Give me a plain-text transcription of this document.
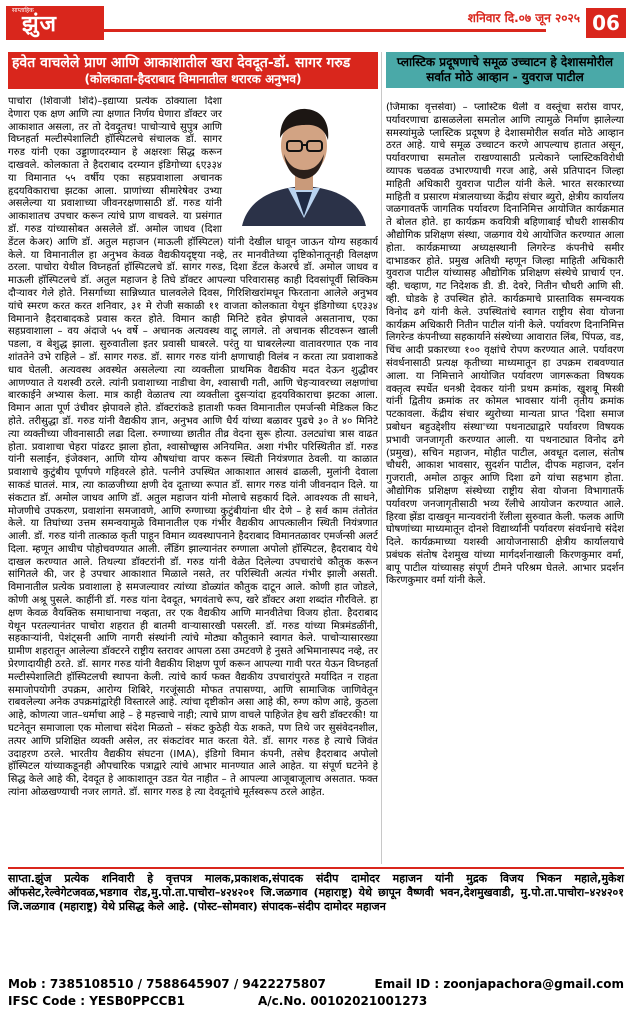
साप्ताहिक
झुंज	शनिवार दि.०७ जून २०२५ 06
हवेत वाचलेले प्राण आणि आकाशातील खरा देवदूत-डॉ. सागर गरुड
(कोलकाता-हैदराबाद विमानातील थरारक अनुभव)
पाचोरा (शिवाजी शिंदे)–इद्याप्या प्रत्येक ठोक्याला दिशा देणारा एक क्षण आणि त्या क्षणात निर्णय घेणारा डॉक्टर जर आकाशात असला, तर तो देवदूतच! पाचोऱ्याचे सुपुत्र आणि विघ्नहर्ता मल्टीस्पेशालिटी हॉस्पिटलचे संचालक डॉ. सागर गरुड यांनी एका उड्डाणादरम्यान हे अक्षरशः सिद्ध करून दाखवले. कोलकाता ते हैदराबाद दरम्यान इंडिगोच्या ६ए३३४ या विमानात ५५ वर्षीय एका सहप्रवाशाला अचानक हृदयविकाराचा झटका आला. प्राणांच्या सीमारेषेवर उभ्या असलेल्या या प्रवाशाच्या जीवनरक्षणासाठी डॉ. गरुड यांनी आकाशातच उपचार करून त्यांचे प्राण वाचवले. या प्रसंगात डॉ. गरुड यांच्यासोबत असलेले डॉ. अमोल जाधव (दिशा डेंटल केअर) आणि डॉ. अतुल महाजन (माऊली हॉस्पिटल) यांनी देखील धावून जाऊन योग्य सहकार्य केले. या विमानातील हा अनुभव केवळ वैद्यकीयदृष्ट्या नव्हे, तर मानवीतेच्या दृष्टिकोनातूनही विलक्षण ठरला. पाचोरा येथील विघ्नहर्ता हॉस्पिटलचे डॉ. सागर गरुड, दिशा डेंटल केअरचे डॉ. अमोल जाधव व माऊली हॉस्पिटलचे डॉ. अतुल महाजन हे तिघे डॉक्टर आपल्या परिवारासह काही दिवसांपूर्वी सिक्किम दौऱ्यावर गेले होते. निसर्गाच्या सान्निध्यात घालवलेले दिवस, गिरिशिखरांमधून फिरताना आलेले अनुभव यांचे स्मरण करत करत शनिवार, ३१ मे रोजी सकाळी ११ वाजता कोलकाता येथून इंडिगोच्या ६ए३३४ विमानाने हैदराबादकडे प्रवास करत होते. विमान काही मिनिटे हवेत झेपावले असतानाच, एका सहप्रवाशाला – वय अंदाजे ५५ वर्षे – अचानक अत्यवस्थ वाटू लागले. तो अचानक सीटवरून खाली पडला, व बेशुद्ध झाला. सुरुवातीला इतर प्रवासी घाबरले. परंतु या घाबरलेल्या वातावरणात एक नाव शांततेने उभे राहिले – डॉ. सागर गरुड. डॉ. सागर गरुड यांनी क्षणाचाही विलंब न करता त्या प्रवाशाकडे धाव घेतली. अत्यवस्थ अवस्थेत असलेल्या त्या व्यक्तीला प्राथमिक वैद्यकीय मदत देऊन शुद्धीवर आणण्यात ते यशस्वी ठरले. त्यांनी प्रवाशाच्या नाडीचा वेग, श्वासाची गती, आणि चेहऱ्यावरच्या लक्षणांचा बारकाईने अभ्यास केला. मात्र काही वेळातच त्या व्यक्तीला दुसऱ्यांदा हृदयविकाराचा झटका आला. विमान आता पूर्ण उंचीवर झेपावले होते. डॉक्टरांकडे हाताशी फक्त विमानातील एमर्जन्सी मेडिकल किट होते. तरीसुद्धा डॉ. गरुड यांनी वैद्यकीय ज्ञान, अनुभव आणि धैर्य यांच्या बळावर पुढचे ३० ते ४० मिनिटे त्या व्यक्तीच्या जीवनासाठी लढा दिला. रुग्णाच्या छातीत तीव्र वेदना सुरू होत्या. उलट्यांचा त्रास वाढत होता. प्रवाशाचा चेहरा पांढरट झाला होता, श्वासोच्छ्वास अनियमित. अशा गंभीर परिस्थितीत डॉ. गरुड यांनी सलाईन, इंजेक्शन, आणि योग्य औषधांचा वापर करून स्थिती नियंत्रणात ठेवली. या काळात प्रवाशाचे कुटुंबीय पूर्णपणे गहिवरले होते. पत्नीने उपस्थित आकाशात आसवं ढाळली, मुलांनी देवाला साकडं घातलं. मात्र, त्या काळजीच्या क्षणी देव दूताच्या रूपात डॉ. सागर गरुड यांनी जीवनदान दिले. या संकटात डॉ. अमोल जाधव आणि डॉ. अतुल महाजन यांनी मोलाचे सहकार्य दिले. आवश्यक ती साधने, मोजणीचे उपकरण, प्रवाशांना समजावणे, आणि रुग्णाच्या कुटुंबीयांना धीर देणे – हे सर्व काम तंतोतंत केले. या तिघांच्या उत्तम समन्वयामुळे विमानातील एक गंभीर वैद्यकीय आपत्कालीन स्थिती नियंत्रणात आली. डॉ. गरुड यांनी तात्काळ कृती पाहून विमान व्यवस्थापनाने हैदराबाद विमानतळावर एमर्जन्सी अलर्ट दिला. म्हणून आधीच पोहोचवण्यात आली. लँडिंग झाल्यानंतर रुग्णाला अपोलो हॉस्पिटल, हैदराबाद येथे दाखल करण्यात आले. तिथल्या डॉक्टरांनी डॉ. गरुड यांनी वेळेत दिलेल्या उपचारांचे कौतुक करून सांगितले की, जर हे उपचार आकाशात मिळाले नसते, तर परिस्थिती अत्यंत गंभीर झाली असती. विमानातील प्रत्येक प्रवाशाला हे समजल्यावर त्यांच्या डोळ्यांत कौतुक दाटून आले. कोणी हात जोडले, कोणी अश्रू पुसले. काहींनी डॉ. गरुड यांना देवदूत, भगवंताचे रूप, खरे डॉक्टर अशा शब्दांत गौरविले. हा क्षण केवळ वैयक्तिक समाधानाचा नव्हता, तर एक वैद्यकीय आणि मानवीतेचा विजय होता. हैदराबाद येथून परतल्यानंतर पाचोरा शहरात ही बातमी वाऱ्यासारखी पसरली. डॉ. गरुड यांच्या मित्रमंडळींनी, सहकाऱ्यांनी, पेशंट्सनी आणि नागरी संस्थांनी त्यांचे मोठ्या कौतुकाने स्वागत केले. पाचोऱ्यासारख्या ग्रामीण शहरातून आलेल्या डॉक्टरने राष्ट्रीय स्तरावर आपला ठसा उमटवणे हे नुसते अभिमानास्पद नव्हे, तर प्रेरणादायीही ठरते. डॉ. सागर गरुड यांनी वैद्यकीय शिक्षण पूर्ण करून आपल्या गावी परत येऊन विघ्नहर्ता मल्टीस्पेशालिटी हॉस्पिटलची स्थापना केली. त्यांचे कार्य फक्त वैद्यकीय उपचारांपुरते मर्यादित न राहता समाजोपयोगी उपक्रम, आरोग्य शिबिरे, गरजूंसाठी मोफत तपासण्या, आणि सामाजिक जाणिवेतून राबवलेल्या अनेक उपक्रमांद्वारेही विस्तारले आहे. त्यांचा दृष्टीकोन असा आहे की, रुग्ण कोण आहे, कुठला आहे, कोणत्या जात–धर्माचा आहे – हे महत्त्वाचे नाही; त्याचे प्राण वाचले पाहिजेत हेच खरी डॉक्टरकी! या घटनेतून समाजाला एक मोलाचा संदेश मिळतो – संकट कुठेही येऊ शकते, पण तिथे जर सुसंवेदनशील, तत्पर आणि प्रशिक्षित व्यक्ती असेल, तर संकटांवर मात करता येते. डॉ. सागर गरुड हे त्याचे जिवंत उदाहरण ठरले. भारतीय वैद्यकीय संघटना (IMA), इंडिगो विमान कंपनी, तसेच हैदराबाद अपोलो हॉस्पिटल यांच्याकडूनही औपचारिक पत्राद्वारे त्यांचे आभार मानण्यात आले आहेत. या संपूर्ण घटनेने हे सिद्ध केले आहे की, देवदूत हे आकाशातून उडत येत नाहीत – ते आपल्या आजूबाजूलाच असतात. फक्त त्यांना ओळखण्याची नजर लागते. डॉ. सागर गरुड हे त्या देवदूतांचे मूर्तस्वरूप ठरले आहेत.
प्लास्टिक प्रदूषणाचे समूळ उच्चाटन हे देशासमोरील सर्वात मोठे आव्हान - युवराज पाटील
(जिमाका वृत्तसेवा) – प्लास्टिक थैली व वस्तूंचा सर्रास वापर, पर्यावरणाचा ढासळलेला समतोल आणि त्यामुळे निर्माण झालेल्या समस्यांमुळे प्लास्टिक प्रदूषण हे देशासमोरील सर्वात मोठे आव्हान ठरत आहे. याचे समूळ उच्चाटन करणे आपल्याच हातात असून, पर्यावरणाचा समतोल राखण्यासाठी प्रत्येकाने प्लास्टिकविरोधी व्यापक चळवळ उभारण्याची गरज आहे, असे प्रतिपादन जिल्हा माहिती अधिकारी युवराज पाटील यांनी केले. भारत सरकारच्या माहिती व प्रसारण मंत्रालयाच्या केंद्रीय संचार ब्युरो, क्षेत्रीय कार्यालय जळगावतर्फे जागतिक पर्यावरण दिनानिमित्त आयोजित कार्यक्रमात ते बोलत होते. हा कार्यक्रम कवयित्री बहिणाबाई चौधरी शासकीय औद्योगिक प्रशिक्षण संस्था, जळगाव येथे आयोजित करण्यात आला होता. कार्यक्रमाच्या अध्यक्षस्थानी लिगरेन्ड कंपनीचे समीर दाभाडकर होते. प्रमुख अतिथी म्हणून जिल्हा माहिती अधिकारी युवराज पाटील यांच्यासह औद्योगिक प्रशिक्षण संस्थेचे प्राचार्य एन. व्ही. चव्हाण, गट निदेशक डी. डी. देवरे, नितीन चौधरी आणि सी. व्ही. घोडके हे उपस्थित होते. कार्यक्रमाचे प्रास्ताविक समन्वयक विनोद ढगे यांनी केले. उपस्थितांचे स्वागत राष्ट्रीय सेवा योजना कार्यक्रम अधिकारी नितीन पाटील यांनी केले. पर्यावरण दिनानिमित्त लिगरेन्ड कंपनीच्या सहकार्याने संस्थेच्या आवारात लिंब, पिंपळ, वड, चिंच आदी प्रकारच्या १०० वृक्षांचे रोपण करण्यात आले. पर्यावरण संवर्धनासाठी प्रत्यक्ष कृतीच्या माध्यमातून हा उपक्रम राबवण्यात आला. या निमित्ताने आयोजित पर्यावरण जागरूकता विषयक वक्तृत्व स्पर्धेत धनश्री देवकर यांनी प्रथम क्रमांक, खुशबू मिस्त्री यांनी द्वितीय क्रमांक तर कोमल भावसार यांनी तृतीय क्रमांक पटकावला. केंद्रीय संचार ब्युरोच्या मान्यता प्राप्त 'दिशा समाज प्रबोधन बहुउद्देशीय संस्था'च्या पथनाट्याद्वारे पर्यावरण विषयक प्रभावी जनजागृती करण्यात आली. या पथनाट्यात विनोद ढगे (प्रमुख), सचिन महाजन, मोहीत पाटील, अवधूत दलाल, संतोष चौधरी, आकाश भावसार, सुदर्शन पाटील, दीपक महाजन, दर्शन गुजराती, अमोल ठाकूर आणि दिशा ढगे यांचा सहभाग होता. औद्योगिक प्रशिक्षण संस्थेच्या राष्ट्रीय सेवा योजना विभागातर्फे पर्यावरण जनजागृतीसाठी भव्य रॅलीचे आयोजन करण्यात आले. हिरवा झेंडा दाखवून मान्यवरांनी रॅलीला सुरुवात केली. फलक आणि घोषणांच्या माध्यमातून दोनशे विद्यार्थ्यांनी पर्यावरण संवर्धनाचे संदेश दिले. कार्यक्रमाच्या यशस्वी आयोजनासाठी क्षेत्रीय कार्यालयाचे प्रबंधक संतोष देशमुख यांच्या मार्गदर्शनाखाली किरणकुमार वर्मा, बापू पाटील यांच्यासह संपूर्ण टीमने परिश्रम घेतले. आभार प्रदर्शन किरणकुमार वर्मा यांनी केले.
साप्ता.झुंज प्रत्येक शनिवारी हे वृत्तपत्र मालक,प्रकाशक,संपादक संदीप दामोदर महाजन यांनी मुद्रक विजय भिकन महाले,मुकेश ऑफसेट,रेल्वेगेटजवळ,भडगाव रोड,मु.पो.ता.पाचोरा–४२४२०१ जि.जळगाव (महाराष्ट्र) येथे छापून वैष्णवी भवन,देशमुखवाडी, मु.पो.ता.पाचोरा–४२४२०१ जि.जळगाव (महाराष्ट्र) येथे प्रसिद्ध केले आहे. (पोस्ट–सोमवार) संपादक–संदीप दामोदर महाजन
Mob : 7385108510 / 7588645907 / 9422275807	Email ID : zoonjapachora@gmail.com
IFSC Code : YESB0PPCCB1	A/c.No. 00102021001273
